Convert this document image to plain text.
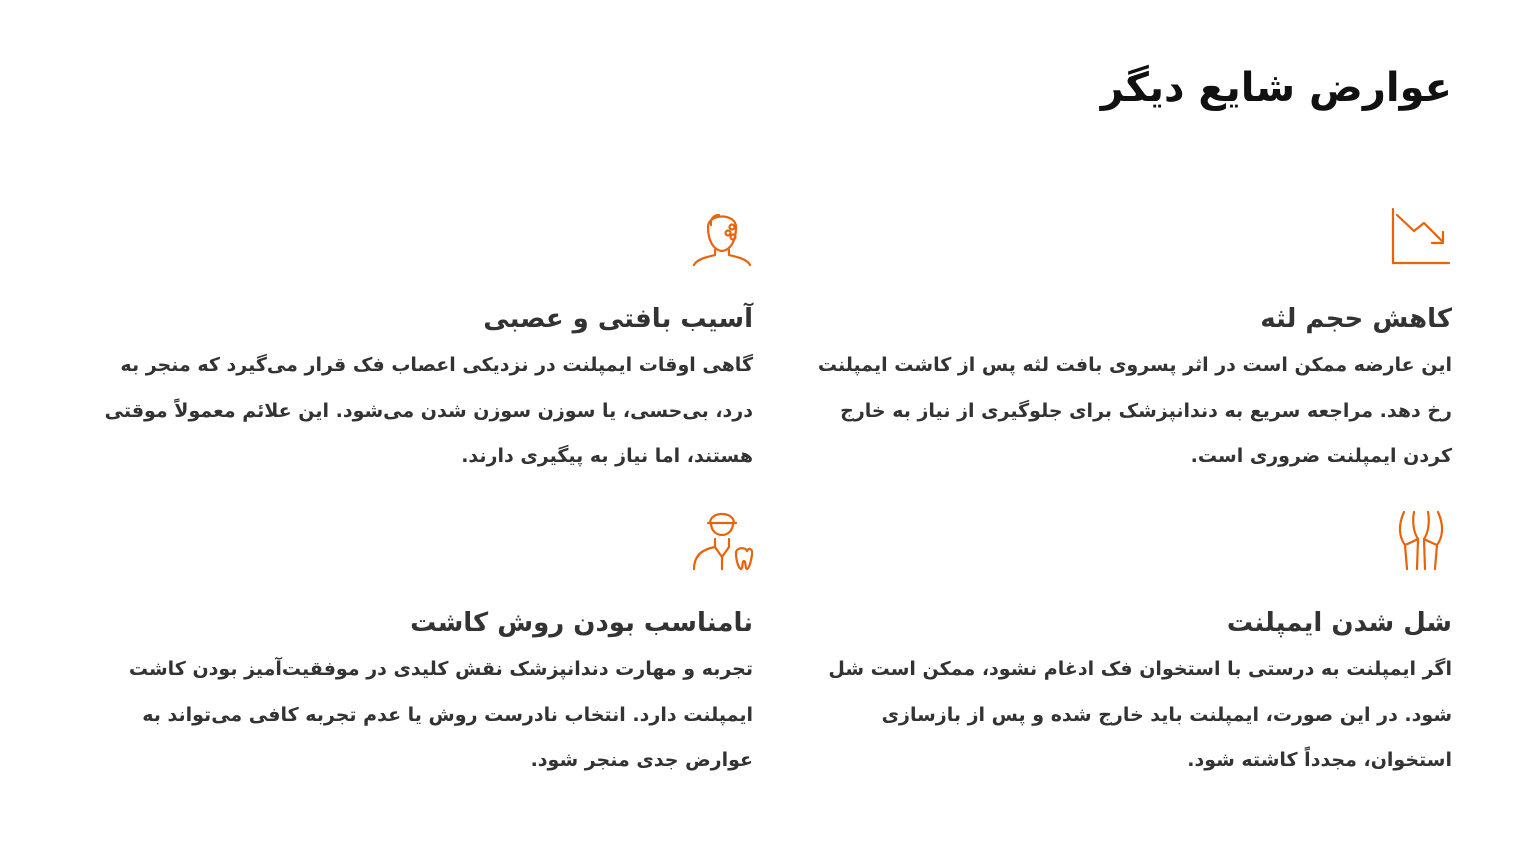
عوارض شایع دیگر
کاهش حجم لثه

این عارضه ممکن است در اثر پسروی بافت لثه پس از کاشت ایمپلنت رخ دهد. مراجعه سریع به دندانپزشک برای جلوگیری از نیاز به خارج کردن ایمپلنت ضروری است.

آسیب بافتی و عصبی

گاهی اوقات ایمپلنت در نزدیکی اعصاب فک قرار می‌گیرد که منجر به درد، بی‌حسی، یا سوزن سوزن شدن می‌شود. این علائم معمولاً موقتی هستند، اما نیاز به پیگیری دارند.

شل شدن ایمپلنت

اگر ایمپلنت به درستی با استخوان فک ادغام نشود، ممکن است شل شود. در این صورت، ایمپلنت باید خارج شده و پس از بازسازی استخوان، مجدداً کاشته شود.

نامناسب بودن روش کاشت

تجربه و مهارت دندانپزشک نقش کلیدی در موفقیت‌آمیز بودن کاشت ایمپلنت دارد. انتخاب نادرست روش یا عدم تجربه کافی می‌تواند به عوارض جدی منجر شود.
